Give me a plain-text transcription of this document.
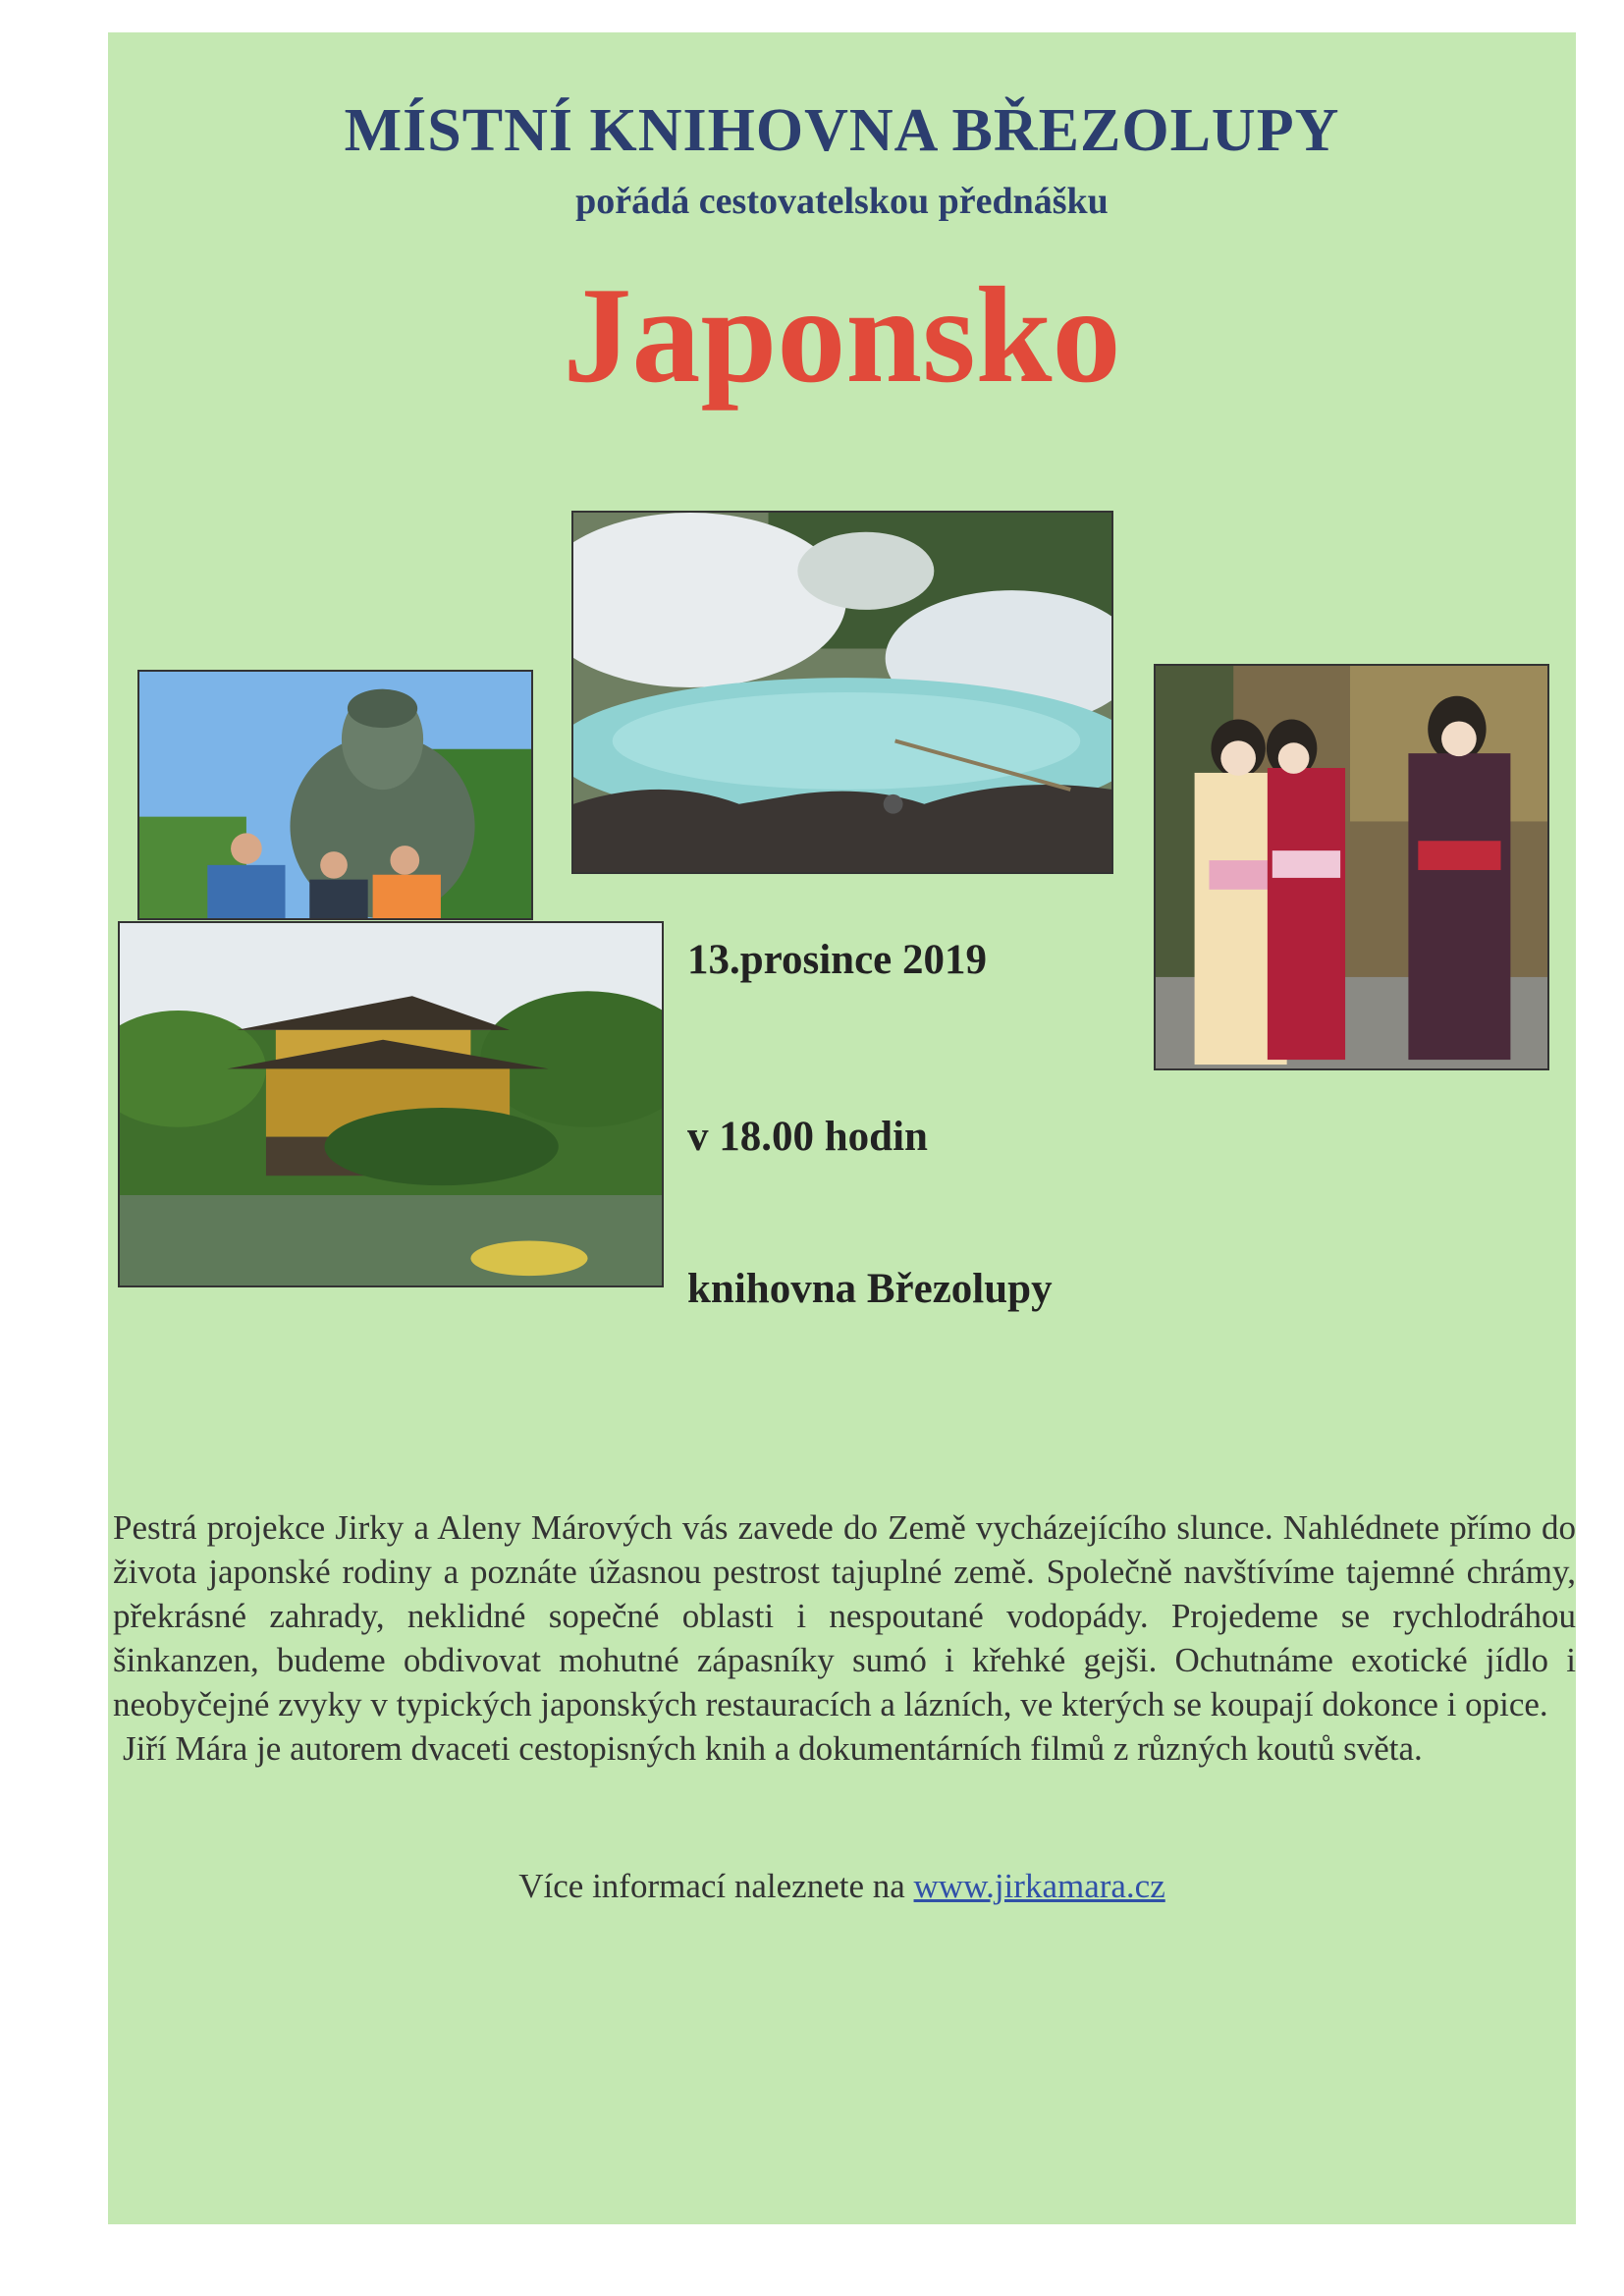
MÍSTNÍ KNIHOVNA BŘEZOLUPY
pořádá cestovatelskou přednášku
Japonsko
13.prosince 2019
v 18.00 hodin
knihovna Březolupy

Pestrá projekce Jirky a Aleny Márových vás zavede do Země vycházejícího slunce. Nahlédnete přímo do života japonské rodiny a poznáte úžasnou pestrost tajuplné země. Společně navštívíme tajemné chrámy, překrásné zahrady, neklidné sopečné oblasti i nespoutané vodopády. Projedeme se rychlodráhou šinkanzen, budeme obdivovat mohutné zápasníky sumó i křehké gejši. Ochutnáme exotické jídlo i neobyčejné zvyky v typických japonských restauracích a lázních, ve kterých se koupají dokonce i opice.

Jiří Mára je autorem dvaceti cestopisných knih a dokumentárních filmů z různých koutů světa.

Více informací naleznete na www.jirkamara.cz
